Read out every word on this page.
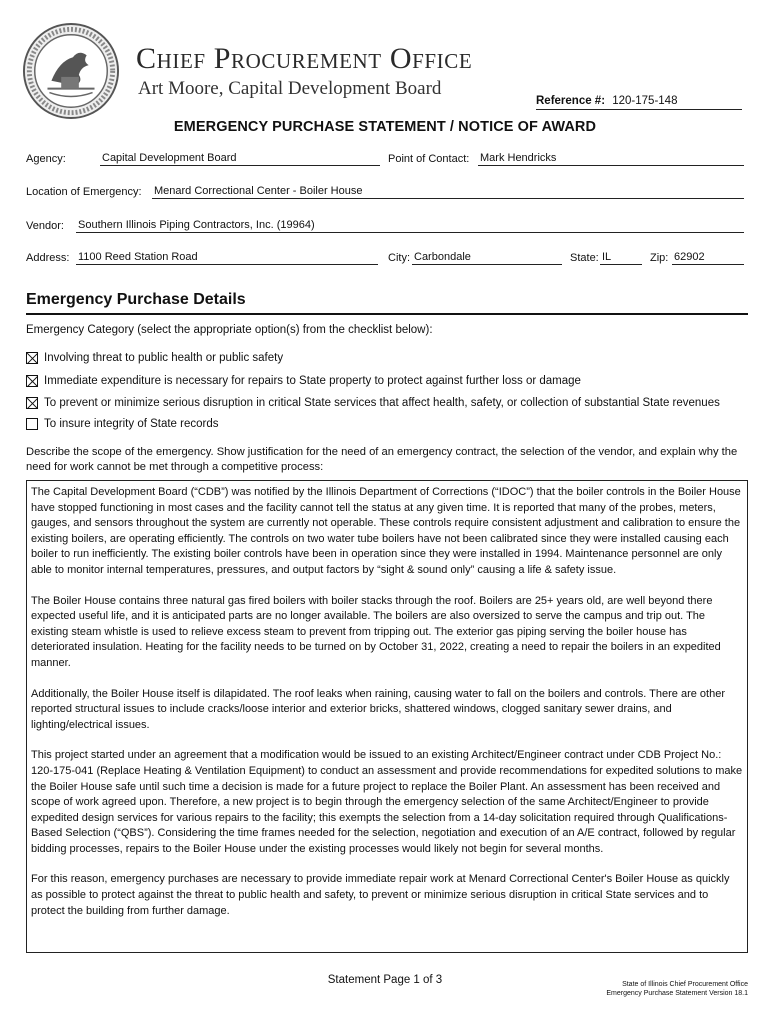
Chief Procurement Office
Art Moore, Capital Development Board
Reference #: 120-175-148
EMERGENCY PURCHASE STATEMENT / NOTICE OF AWARD
Agency:	Capital Development Board	Point of Contact: Mark Hendricks
Location of Emergency: Menard Correctional Center - Boiler House
Vendor: Southern Illinois Piping Contractors, Inc. (19964)
Address: 1100 Reed Station Road	City: Carbondale	State: IL	Zip: 62902
Emergency Purchase Details
Emergency Category (select the appropriate option(s) from the checklist below):
Involving threat to public health or public safety
Immediate expenditure is necessary for repairs to State property to protect against further loss or damage
To prevent or minimize serious disruption in critical State services that affect health, safety, or collection of substantial State revenues
To insure integrity of State records
Describe the scope of the emergency. Show justification for the need of an emergency contract, the selection of the vendor, and explain why the need for work cannot be met through a competitive process:

The Capital Development Board (“CDB”) was notified by the Illinois Department of Corrections (“IDOC”) that the boiler controls in the Boiler House have stopped functioning in most cases and the facility cannot tell the status at any given time. It is reported that many of the probes, meters, gauges, and sensors throughout the system are currently not operable. These controls require consistent adjustment and calibration to ensure the existing boilers, are operating efficiently. The controls on two water tube boilers have not been calibrated since they were installed causing each boiler to run inefficiently. The existing boiler controls have been in operation since they were installed in 1994. Maintenance personnel are only able to monitor internal temperatures, pressures, and output factors by “sight & sound only” causing a life & safety issue.

The Boiler House contains three natural gas fired boilers with boiler stacks through the roof. Boilers are 25+ years old, are well beyond there expected useful life, and it is anticipated parts are no longer available. The boilers are also oversized to serve the campus and trip out. The existing steam whistle is used to relieve excess steam to prevent from tripping out. The exterior gas piping serving the boiler house has deteriorated insulation. Heating for the facility needs to be turned on by October 31, 2022, creating a need to repair the boilers in an expedited manner.

Additionally, the Boiler House itself is dilapidated. The roof leaks when raining, causing water to fall on the boilers and controls. There are other reported structural issues to include cracks/loose interior and exterior bricks, shattered windows, clogged sanitary sewer drains, and lighting/electrical issues.

This project started under an agreement that a modification would be issued to an existing Architect/Engineer contract under CDB Project No.: 120-175-041 (Replace Heating & Ventilation Equipment) to conduct an assessment and provide recommendations for expedited solutions to make the Boiler House safe until such time a decision is made for a future project to replace the Boiler Plant. An assessment has been received and scope of work agreed upon. Therefore, a new project is to begin through the emergency selection of the same Architect/Engineer to provide expedited design services for various repairs to the facility; this exempts the selection from a 14-day solicitation required through Qualifications-Based Selection (“QBS”). Considering the time frames needed for the selection, negotiation and execution of an A/E contract, followed by regular bidding processes, repairs to the Boiler House under the existing processes would likely not begin for several months.

For this reason, emergency purchases are necessary to provide immediate repair work at Menard Correctional Center's Boiler House as quickly as possible to protect against the threat to public health and safety, to prevent or minimize serious disruption in critical State services and to protect the building from further damage.

Statement Page 1 of 3	State of Illinois Chief Procurement Office
Emergency Purchase Statement Version 18.1
